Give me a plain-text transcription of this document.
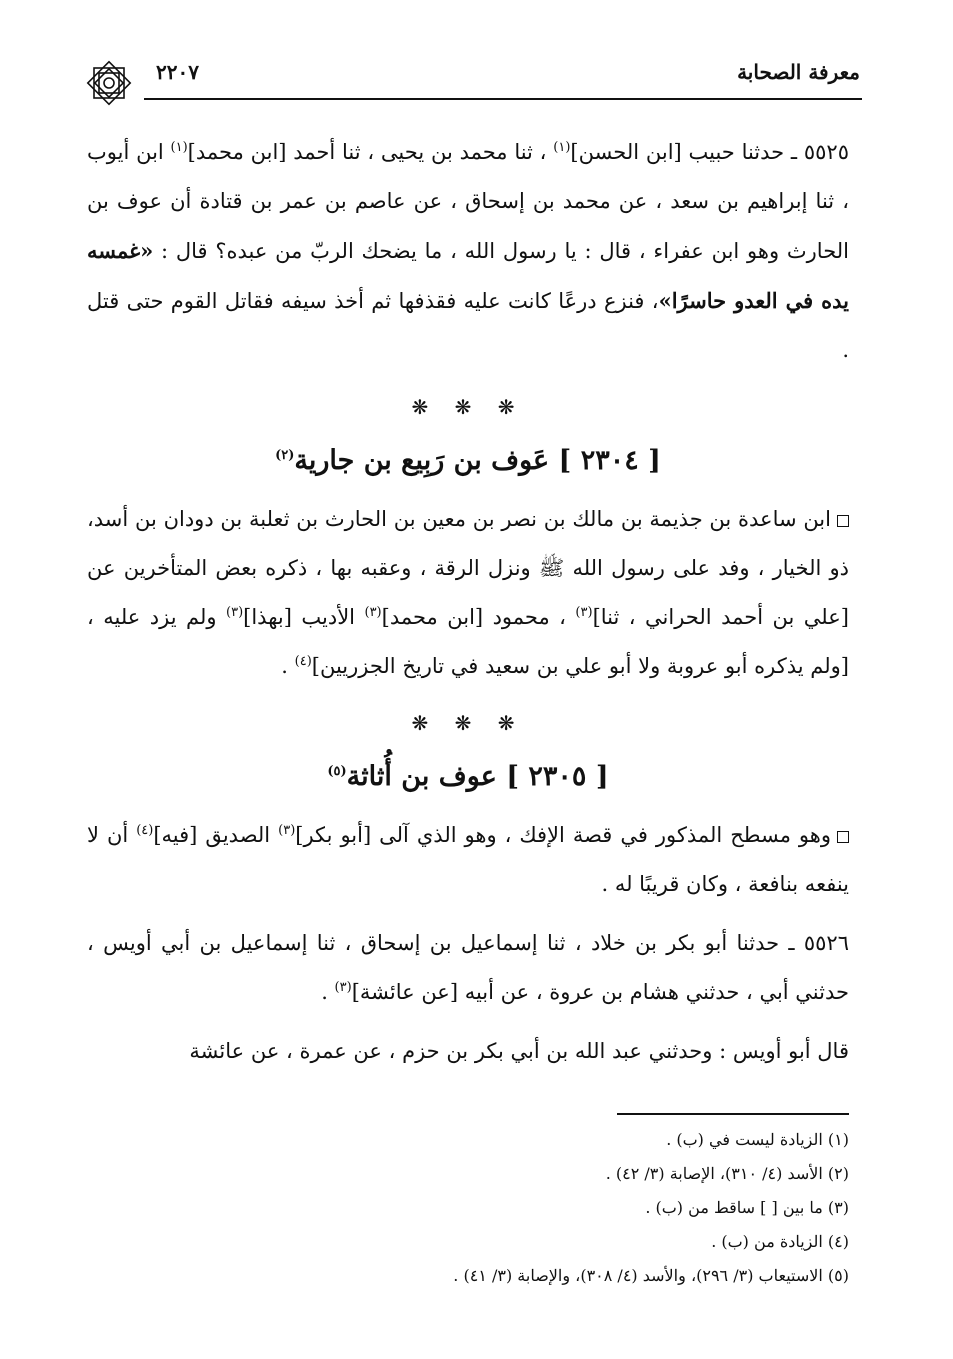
٢٢٠٧	معرفة الصحابة

٥٥٢٥ ـ حدثنا حبيب [ابن الحسن]$^{(١)}$ ، ثنا محمد بن يحيى ، ثنا أحمد [ابن محمد]$^{(١)}$ ابن أيوب ، ثنا إبراهيم بن سعد ، عن محمد بن إسحاق ، عن عاصم بن عمر بن قتادة أن عوف بن الحارث وهو ابن عفراء ، قال : يا رسول الله ، ما يضحك الربّ من عبده؟ قال : «غمسه يده في العدو حاسرًا»، فنزع درعًا كانت عليه فقذفها ثم أخذ سيفه فقاتل القوم حتى قتل .

❋ ❋ ❋
[ ٢٣٠٤ ] عَوف بن رَبِيع بن جارية$^{(٢)}$

ابن ساعدة بن جذيمة بن مالك بن نصر بن معين بن الحارث بن ثعلبة بن دودان بن أسد، ذو الخيار ، وفد على رسول الله ﷺ ونزل الرقة ، وعقبه بها ، ذكره بعض المتأخرين عن [علي بن أحمد الحراني ، ثنا]$^{(٣)}$ ، محمود [ابن محمد]$^{(٣)}$ الأديب [بهذا]$^{(٣)}$ ولم يزد عليه ، [ولم يذكره أبو عروبة ولا أبو علي بن سعيد في تاريخ الجزريين]$^{(٤)}$ .

❋ ❋ ❋
[ ٢٣٠٥ ] عوف بن أُثاثة$^{(٥)}$

وهو مسطح المذكور في قصة الإفك ، وهو الذي آلى [أبو بكر]$^{(٣)}$ الصديق [فيه]$^{(٤)}$ أن لا ينفعه بنافعة ، وكان قريبًا له .

٥٥٢٦ ـ حدثنا أبو بكر بن خلاد ، ثنا إسماعيل بن إسحاق ، ثنا إسماعيل بن أبي أويس ، حدثني أبي ، حدثني هشام بن عروة ، عن أبيه [عن عائشة]$^{(٣)}$ .

قال أبو أويس : وحدثني عبد الله بن أبي بكر بن حزم ، عن عمرة ، عن عائشة

(١) الزيادة ليست في (ب) .

(٢) الأسد (٤/ ٣١٠)، الإصابة (٣/ ٤٢) .

(٣) ما بين [ ] ساقط من (ب) .

(٤) الزيادة من (ب) .

(٥) الاستيعاب (٣/ ٢٩٦)، والأسد (٤/ ٣٠٨)، والإصابة (٣/ ٤١) .
